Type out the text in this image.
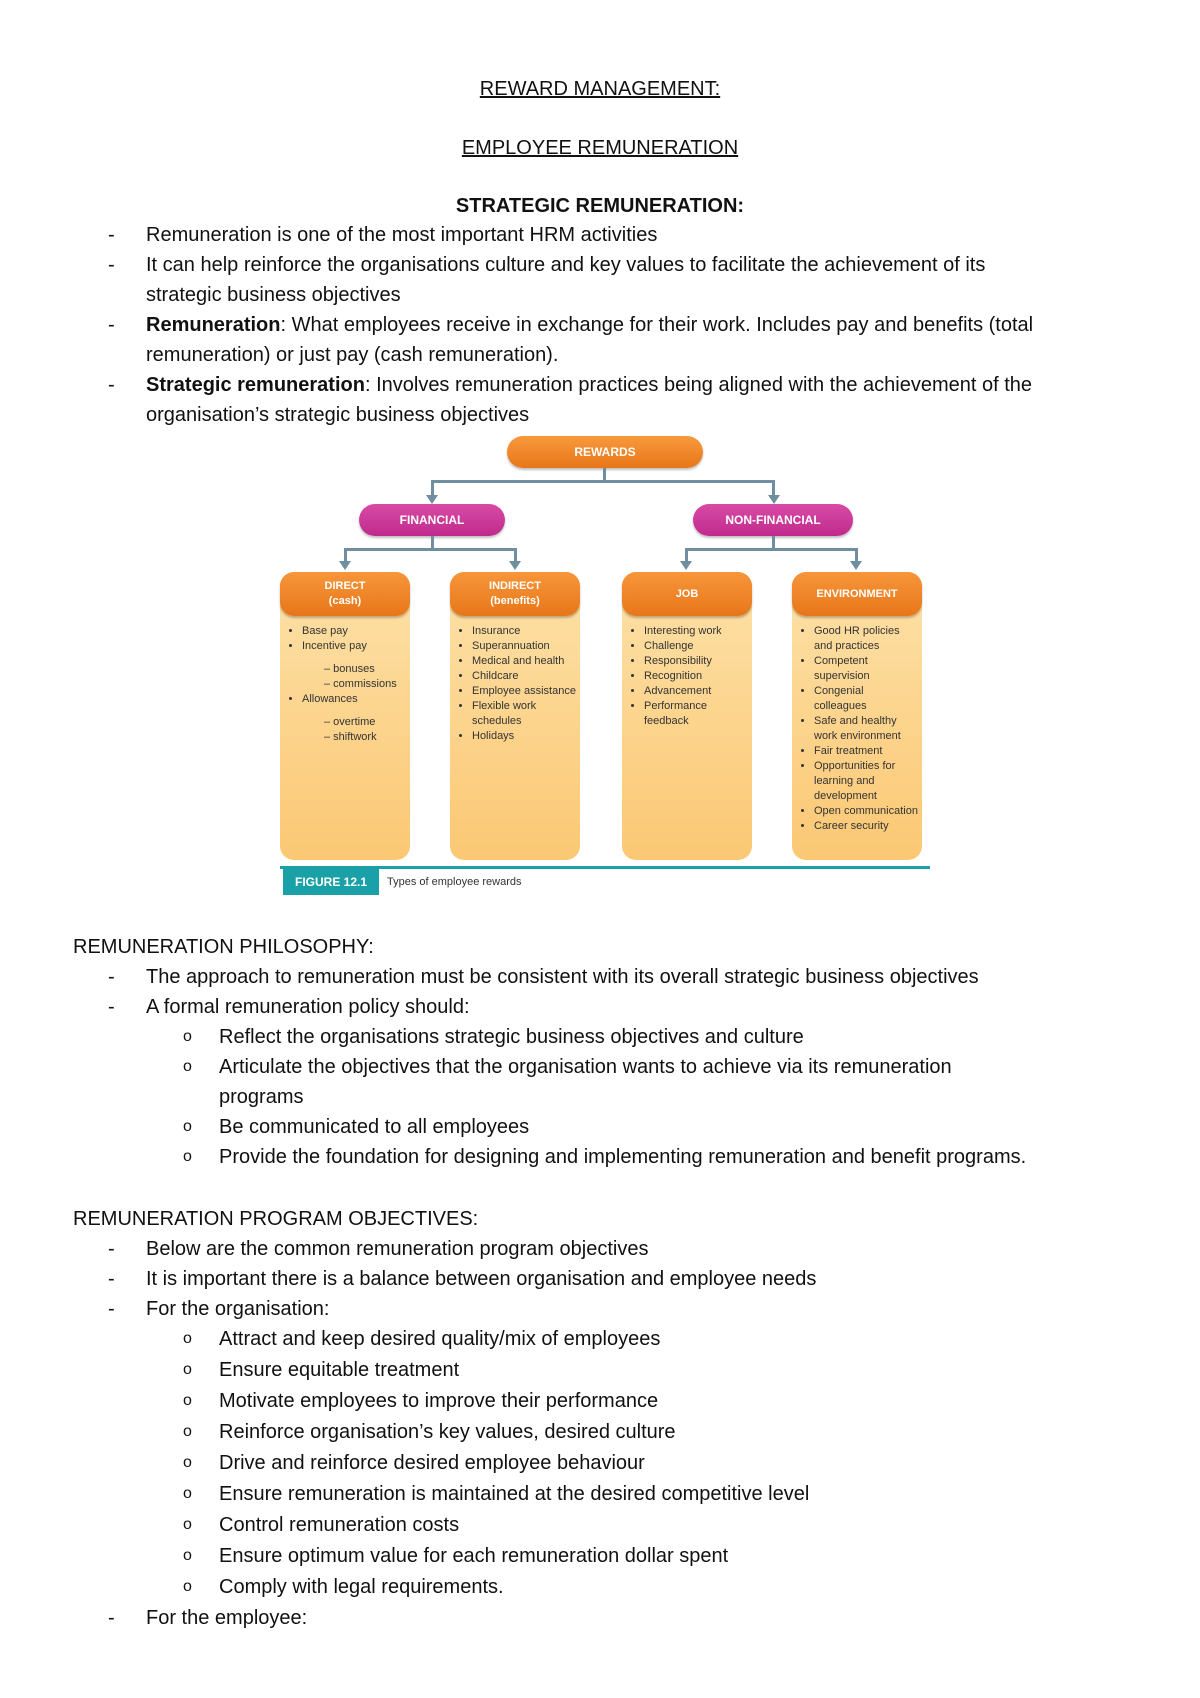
REWARD MANAGEMENT:
EMPLOYEE REMUNERATION
STRATEGIC REMUNERATION:
- Remuneration is one of the most important HRM activities
- It can help reinforce the organisations culture and key values to facilitate the achievement of its
strategic business objectives
- Remuneration: What employees receive in exchange for their work. Includes pay and benefits (total
remuneration) or just pay (cash remuneration).
- Strategic remuneration: Involves remuneration practices being aligned with the achievement of the
organisation’s strategic business objectives
REWARDS
FINANCIAL	NON-FINANCIAL
DIRECT
(cash)
• Base pay
• Incentive pay
– bonuses
– commissions
• Allowances
– overtime
– shiftwork
INDIRECT
(benefits)
• Insurance
• Superannuation
• Medical and health
• Childcare
• Employee assistance
• Flexible work schedules
• Holidays
JOB
• Interesting work
• Challenge
• Responsibility
• Recognition
• Advancement
• Performance feedback
ENVIRONMENT
• Good HR policies and practices
• Competent supervision
• Congenial colleagues
• Safe and healthy work environment
• Fair treatment
• Opportunities for learning and development
• Open communication
• Career security
FIGURE 12.1	Types of employee rewards
REMUNERATION PHILOSOPHY:
- The approach to remuneration must be consistent with its overall strategic business objectives
- A formal remuneration policy should:
o Reflect the organisations strategic business objectives and culture
o Articulate the objectives that the organisation wants to achieve via its remuneration
programs
o Be communicated to all employees
o Provide the foundation for designing and implementing remuneration and benefit programs.
REMUNERATION PROGRAM OBJECTIVES:
- Below are the common remuneration program objectives
- It is important there is a balance between organisation and employee needs
- For the organisation:
o Attract and keep desired quality/mix of employees
o Ensure equitable treatment
o Motivate employees to improve their performance
o Reinforce organisation’s key values, desired culture
o Drive and reinforce desired employee behaviour
o Ensure remuneration is maintained at the desired competitive level
o Control remuneration costs
o Ensure optimum value for each remuneration dollar spent
o Comply with legal requirements.
- For the employee:
